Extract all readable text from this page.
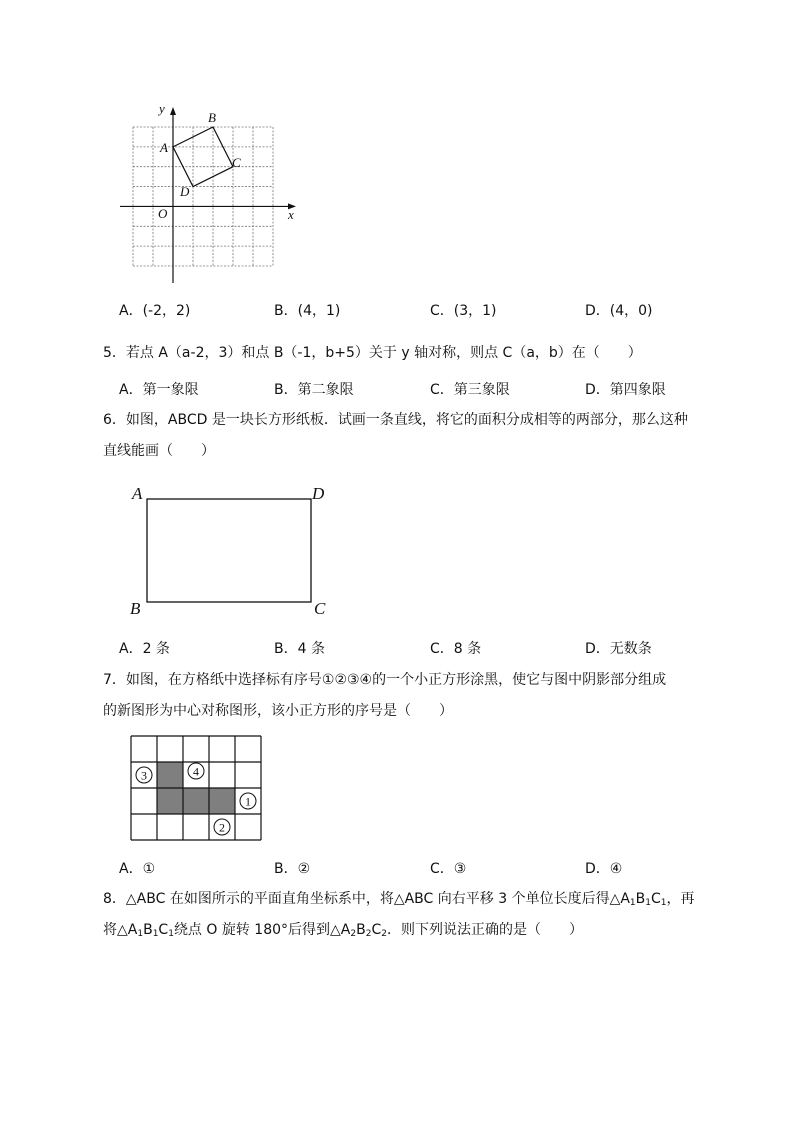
y
x
O
A
B
C
D
A．(-2，2)	B．(4，1)	C．(3，1)	D．(4，0)
5．若点 A（a-2，3）和点 B（-1，b+5）关于 y 轴对称，则点 C（a，b）在（　　）
A．第一象限	B．第二象限	C．第三象限	D．第四象限
6．如图，ABCD 是一块长方形纸板．试画一条直线，将它的面积分成相等的两部分，那么这种
直线能画（　　）
A	D
B	C
A．2 条	B．4 条	C．8 条	D．无数条
7．如图，在方格纸中选择标有序号①②③④的一个小正方形涂黑，使它与图中阴影部分组成
的新图形为中心对称图形，该小正方形的序号是（　　）
3	4
1
2
A．①	B．②	C．③	D．④
8．△ABC 在如图所示的平面直角坐标系中，将△ABC 向右平移 3 个单位长度后得$\triangle A_1B_1C_1$，再
将$\triangle A_1B_1C_1$绕点 O 旋转 180°后得到$\triangle A_2B_2C_2$．则下列说法正确的是（　　）
